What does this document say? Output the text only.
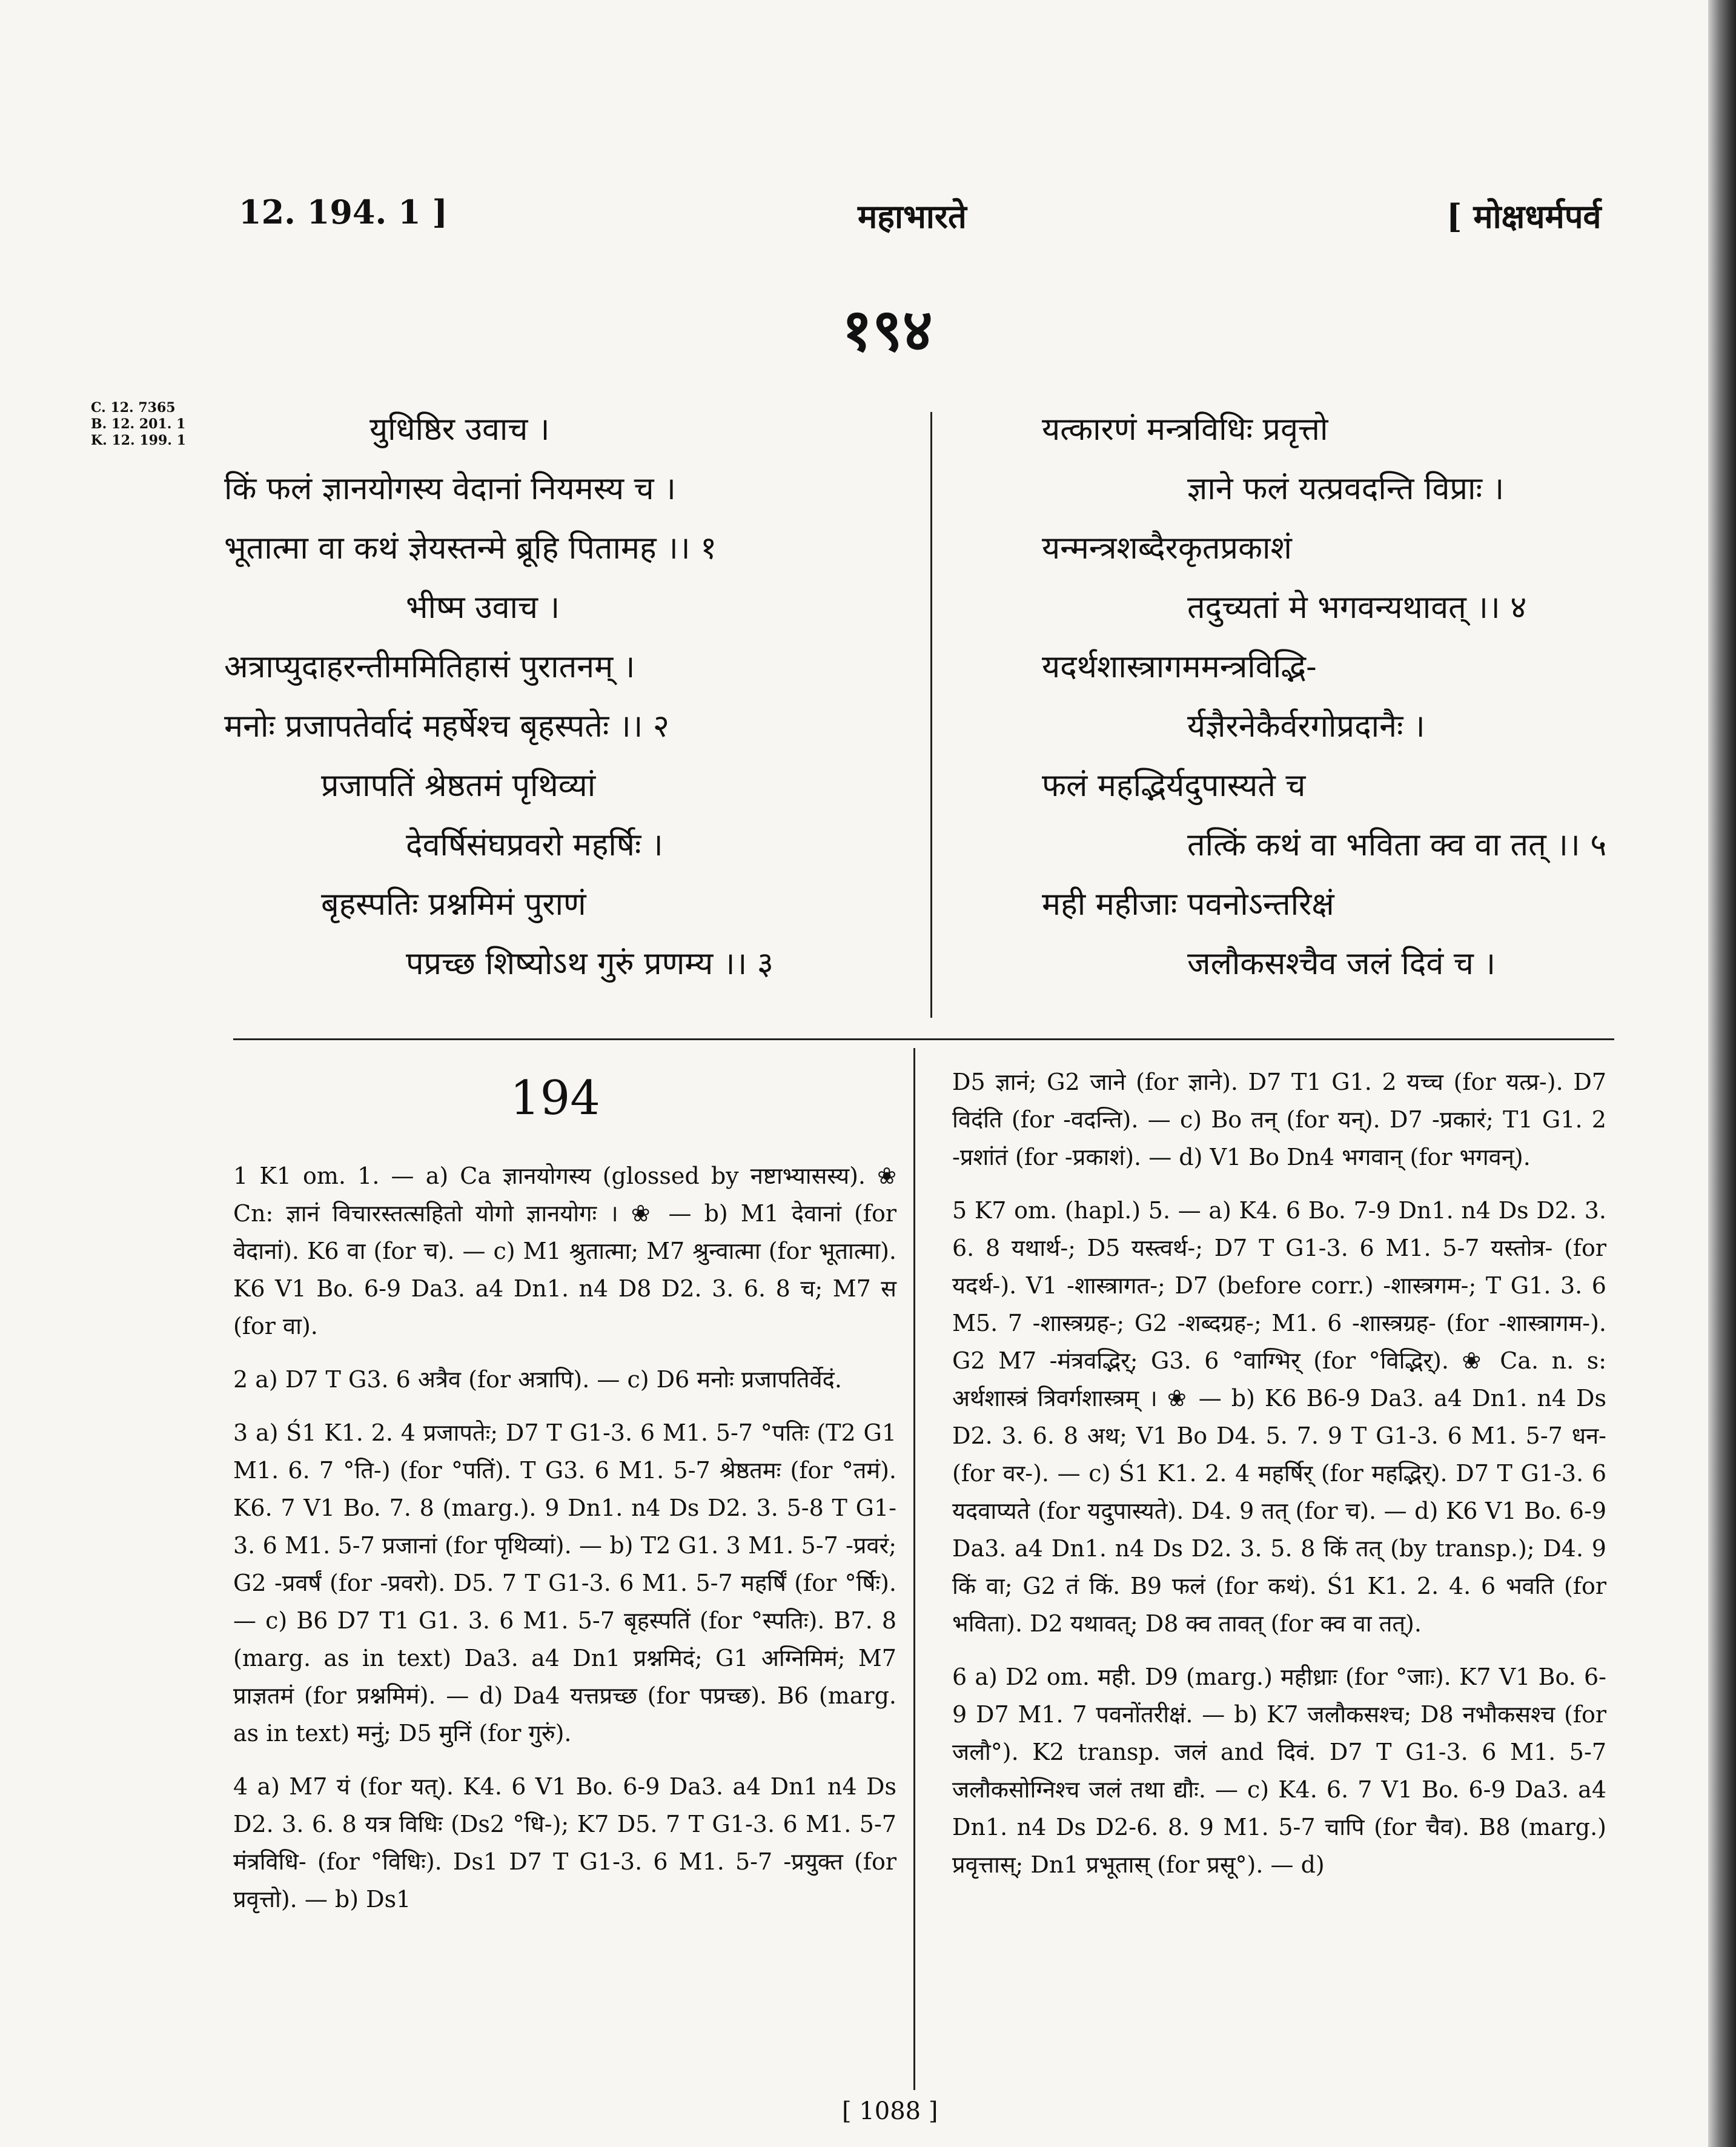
12. 194. 1 ]	महाभारते	[ मोक्षधर्मपर्व
१९४
C. 12. 7365
B. 12. 201. 1
K. 12. 199. 1	युधिष्ठिर उवाच ।
किं फलं ज्ञानयोगस्य वेदानां नियमस्य च ।
भूतात्मा वा कथं ज्ञेयस्तन्मे ब्रूहि पितामह ।। १
भीष्म उवाच ।
अत्राप्युदाहरन्तीममितिहासं पुरातनम् ।
मनोः प्रजापतेर्वादं महर्षेश्च बृहस्पतेः ।। २
प्रजापतिं श्रेष्ठतमं पृथिव्यां
देवर्षिसंघप्रवरो महर्षिः ।
बृहस्पतिः प्रश्नमिमं पुराणं
पप्रच्छ शिष्योऽथ गुरुं प्रणम्य ।। ३
यत्कारणं मन्त्रविधिः प्रवृत्तो
ज्ञाने फलं यत्प्रवदन्ति विप्राः ।
यन्मन्त्रशब्दैरकृतप्रकाशं
तदुच्यतां मे भगवन्यथावत् ।। ४
यदर्थशास्त्रागममन्त्रविद्भि-
र्यज्ञैरनेकैर्वरगोप्रदानैः ।
फलं महद्भिर्यदुपास्यते च
तत्किं कथं वा भविता क्व वा तत् ।। ५
मही महीजाः पवनोऽन्तरिक्षं
जलौकसश्चैव जलं दिवं च ।
194

1 K1 om. 1. — a) Ca ज्ञानयोगस्य (glossed by नष्टाभ्यासस्य). ❀ Cn: ज्ञानं विचारस्तत्सहितो योगो ज्ञानयोगः । ❀ — b) M1 देवानां (for वेदानां). K6 वा (for च). — c) M1 श्रुतात्मा; M7 श्रुन्वात्मा (for भूतात्मा). K6 V1 Bo. 6-9 Da3. a4 Dn1. n4 D8 D2. 3. 6. 8 च; M7 स (for वा).

2 a) D7 T G3. 6 अत्रैव (for अत्रापि). — c) D6 मनोः प्रजापतिर्वेदं.

3 a) Ś1 K1. 2. 4 प्रजापतेः; D7 T G1-3. 6 M1. 5-7 °पतिः (T2 G1 M1. 6. 7 °ति-) (for °पतिं). T G3. 6 M1. 5-7 श्रेष्ठतमः (for °तमं). K6. 7 V1 Bo. 7. 8 (marg.). 9 Dn1. n4 Ds D2. 3. 5-8 T G1-3. 6 M1. 5-7 प्रजानां (for पृथिव्यां). — b) T2 G1. 3 M1. 5-7 -प्रवरं; G2 -प्रवर्षं (for -प्रवरो). D5. 7 T G1-3. 6 M1. 5-7 महर्षिं (for °र्षिः). — c) B6 D7 T1 G1. 3. 6 M1. 5-7 बृहस्पतिं (for °स्पतिः). B7. 8 (marg. as in text) Da3. a4 Dn1 प्रश्नमिदं; G1 अग्निमिमं; M7 प्राज्ञतमं (for प्रश्नमिमं). — d) Da4 यत्तप्रच्छ (for पप्रच्छ). B6 (marg. as in text) मनुं; D5 मुनिं (for गुरुं).

4 a) M7 यं (for यत्). K4. 6 V1 Bo. 6-9 Da3. a4 Dn1 n4 Ds D2. 3. 6. 8 यत्र विधिः (Ds2 °धि-); K7 D5. 7 T G1-3. 6 M1. 5-7 मंत्रविधि- (for °विधिः). Ds1 D7 T G1-3. 6 M1. 5-7 -प्रयुक्त (for प्रवृत्तो). — b) Ds1

D5 ज्ञानं; G2 जाने (for ज्ञाने). D7 T1 G1. 2 यच्च (for यत्प्र-). D7 विदंति (for -वदन्ति). — c) Bo तन् (for यन्). D7 -प्रकारं; T1 G1. 2 -प्रशांतं (for -प्रकाशं). — d) V1 Bo Dn4 भगवान् (for भगवन्).

5 K7 om. (hapl.) 5. — a) K4. 6 Bo. 7-9 Dn1. n4 Ds D2. 3. 6. 8 यथार्थ-; D5 यस्त्वर्थ-; D7 T G1-3. 6 M1. 5-7 यस्तोत्र- (for यदर्थ-). V1 -शास्त्रागत-; D7 (before corr.) -शास्त्रगम-; T G1. 3. 6 M5. 7 -शास्त्रग्रह-; G2 -शब्दग्रह-; M1. 6 -शास्त्रग्रह- (for -शास्त्रागम-). G2 M7 -मंत्रवद्भिर्; G3. 6 °वाग्भिर् (for °विद्भिर्). ❀ Ca. n. s: अर्थशास्त्रं त्रिवर्गशास्त्रम् । ❀ — b) K6 B6-9 Da3. a4 Dn1. n4 Ds D2. 3. 6. 8 अथ; V1 Bo D4. 5. 7. 9 T G1-3. 6 M1. 5-7 धन- (for वर-). — c) Ś1 K1. 2. 4 महर्षिर् (for महद्भिर्). D7 T G1-3. 6 यदवाप्यते (for यदुपास्यते). D4. 9 तत् (for च). — d) K6 V1 Bo. 6-9 Da3. a4 Dn1. n4 Ds D2. 3. 5. 8 किं तत् (by transp.); D4. 9 किं वा; G2 तं किं. B9 फलं (for कथं). Ś1 K1. 2. 4. 6 भवति (for भविता). D2 यथावत्; D8 क्व तावत् (for क्व वा तत्).

6 a) D2 om. मही. D9 (marg.) महीध्राः (for °जाः). K7 V1 Bo. 6-9 D7 M1. 7 पवनोंतरीक्षं. — b) K7 जलौकसश्च; D8 नभौकसश्च (for जलौ°). K2 transp. जलं and दिवं. D7 T G1-3. 6 M1. 5-7 जलौकसोग्निश्च जलं तथा द्यौः. — c) K4. 6. 7 V1 Bo. 6-9 Da3. a4 Dn1. n4 Ds D2-6. 8. 9 M1. 5-7 चापि (for चैव). B8 (marg.) प्रवृत्तास्; Dn1 प्रभूतास् (for प्रसू°). — d)

[ 1088 ]
